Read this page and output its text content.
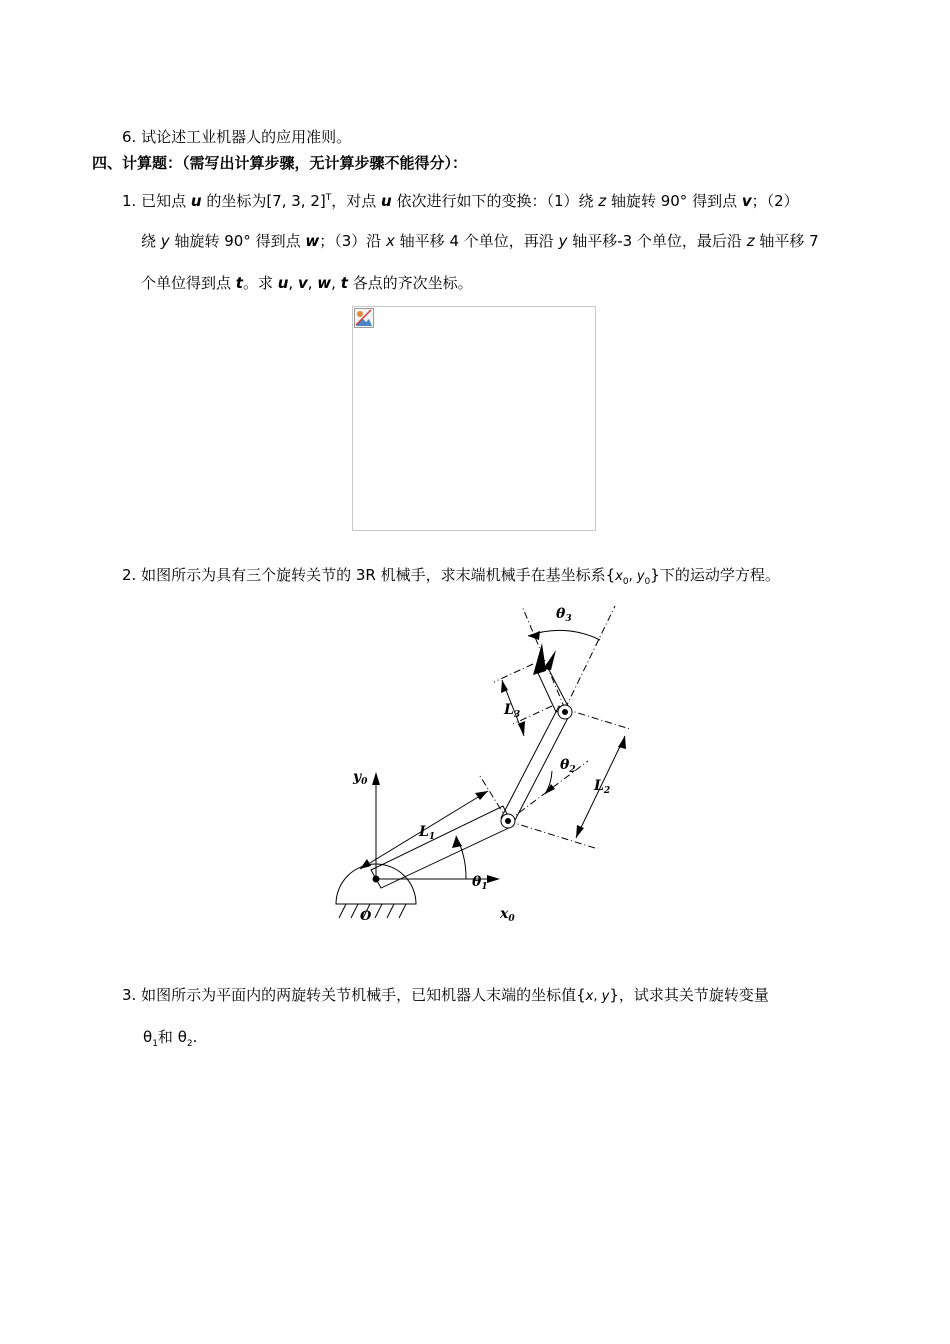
6. 试论述工业机器人的应用准则。
四、计算题：（需写出计算步骤，无计算步骤不能得分）：
1. 已知点 u 的坐标为[7, 3, 2]$^T$，对点 u 依次进行如下的变换：（1）绕 z 轴旋转 90° 得到点 v；（2）
绕 y 轴旋转 90° 得到点 w；（3）沿 x 轴平移 4 个单位，再沿 y 轴平移-3 个单位，最后沿 z 轴平移 7
个单位得到点 t。求 u, v, w, t 各点的齐次坐标。
2. 如图所示为具有三个旋转关节的 3R 机械手，求末端机械手在基坐标系{$x_0$, $y_0$}下的运动学方程。
$\theta_3$
$\theta_2$
$\theta_1$
$L_3$
$L_2$
$L_1$
$y_0$
$x_0$
O
3. 如图所示为平面内的两旋转关节机械手，已知机器人末端的坐标值{x, y}，试求其关节旋转变量
$\theta_1$和 $\theta_2$.
